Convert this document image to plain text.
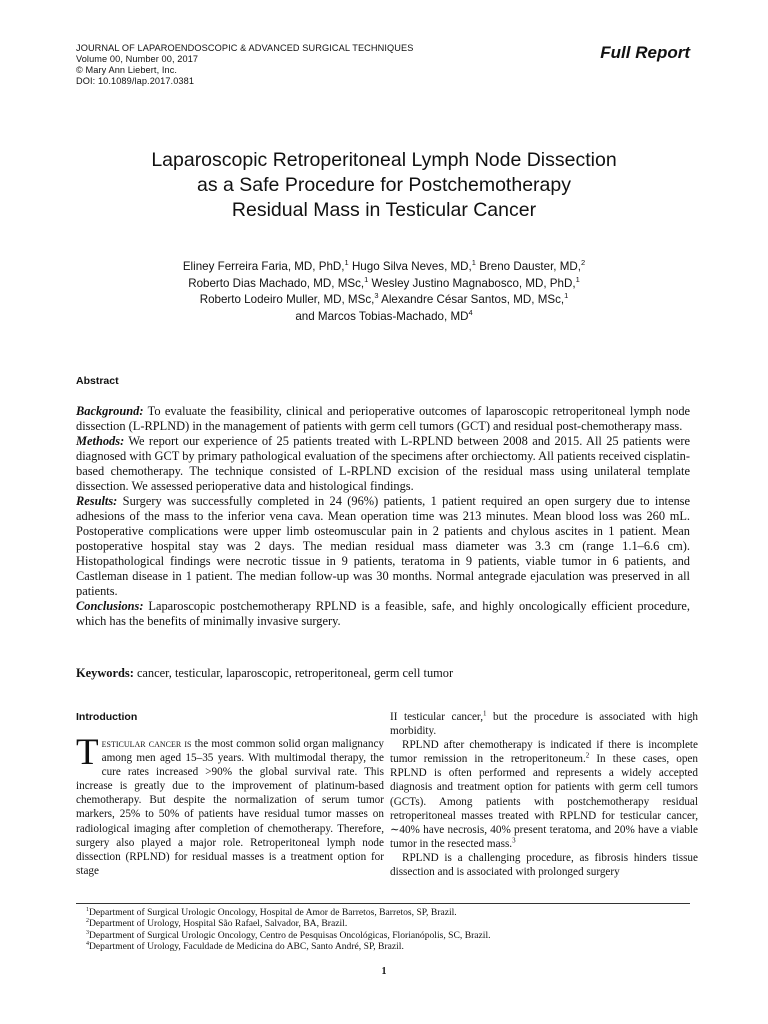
JOURNAL OF LAPAROENDOSCOPIC & ADVANCED SURGICAL TECHNIQUES
Volume 00, Number 00, 2017
© Mary Ann Liebert, Inc.
DOI: 10.1089/lap.2017.0381
Full Report
Laparoscopic Retroperitoneal Lymph Node Dissection
as a Safe Procedure for Postchemotherapy
Residual Mass in Testicular Cancer
Eliney Ferreira Faria, MD, PhD,$^1$ Hugo Silva Neves, MD,$^1$ Breno Dauster, MD,$^2$
Roberto Dias Machado, MD, MSc,$^1$ Wesley Justino Magnabosco, MD, PhD,$^1$
Roberto Lodeiro Muller, MD, MSc,$^3$ Alexandre César Santos, MD, MSc,$^1$
and Marcos Tobias-Machado, $MD^4$
Abstract

Background: To evaluate the feasibility, clinical and perioperative outcomes of laparoscopic retroperitoneal lymph node dissection (L-RPLND) in the management of patients with germ cell tumors (GCT) and residual post-chemotherapy mass.

Methods: We report our experience of 25 patients treated with L-RPLND between 2008 and 2015. All 25 patients were diagnosed with GCT by primary pathological evaluation of the specimens after orchiectomy. All patients received cisplatin-based chemotherapy. The technique consisted of L-RPLND excision of the residual mass using unilateral template dissection. We assessed perioperative data and histological findings.

Results: Surgery was successfully completed in 24 (96%) patients, 1 patient required an open surgery due to intense adhesions of the mass to the inferior vena cava. Mean operation time was 213 minutes. Mean blood loss was 260 mL. Postoperative complications were upper limb osteomuscular pain in 2 patients and chylous ascites in 1 patient. Mean postoperative hospital stay was 2 days. The median residual mass diameter was 3.3 cm (range 1.1–6.6 cm). Histopathological findings were necrotic tissue in 9 patients, teratoma in 9 patients, viable tumor in 6 patients, and Castleman disease in 1 patient. The median follow-up was 30 months. Normal antegrade ejaculation was preserved in all patients.

Conclusions: Laparoscopic postchemotherapy RPLND is a feasible, safe, and highly oncologically efficient procedure, which has the benefits of minimally invasive surgery.

Keywords: cancer, testicular, laparoscopic, retroperitoneal, germ cell tumor
Introduction

Testicular cancer is the most common solid organ malignancy among men aged 15–35 years. With multimodal therapy, the cure rates increased >90% the global survival rate. This increase is greatly due to the improvement of platinum-based chemotherapy. But despite the normalization of serum tumor markers, 25% to 50% of patients have residual tumor masses on radiological imaging after completion of chemotherapy. Therefore, surgery also played a major role. Retroperitoneal lymph node dissection (RPLND) for residual masses is a treatment option for stage

II testicular cancer,$^1$ but the procedure is associated with high morbidity.

RPLND after chemotherapy is indicated if there is incomplete tumor remission in the retroperitoneum.$^2$ In these cases, open RPLND is often performed and represents a widely accepted diagnosis and treatment option for patients with germ cell tumors (GCTs). Among patients with postchemotherapy residual retroperitoneal masses treated with RPLND for testicular cancer, ∼40% have necrosis, 40% present teratoma, and 20% have a viable tumor in the resected mass.$^3$

RPLND is a challenging procedure, as fibrosis hinders tissue dissection and is associated with prolonged surgery

$^1$Department of Surgical Urologic Oncology, Hospital de Amor de Barretos, Barretos, SP, Brazil.
$^2$Department of Urology, Hospital São Rafael, Salvador, BA, Brazil.
$^3$Department of Surgical Urologic Oncology, Centro de Pesquisas Oncológicas, Florianópolis, SC, Brazil.
$^4$Department of Urology, Faculdade de Medicina do ABC, Santo André, SP, Brazil.
1
